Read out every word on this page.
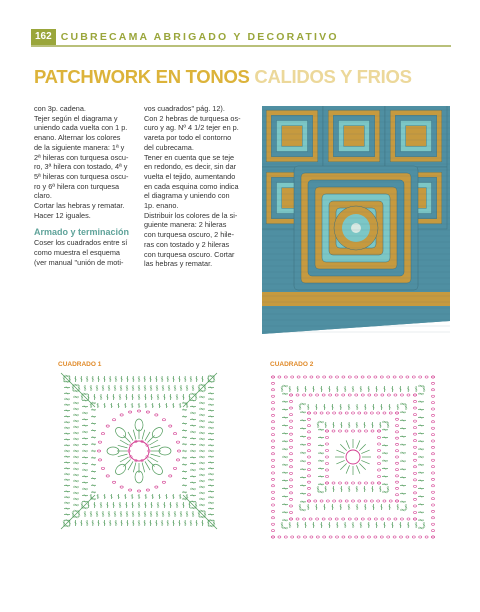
162 CUBRECAMA ABRIGADO Y DECORATIVO
PATCHWORK EN TONOS CALIDOS Y FRIOS

con 3p. cadena.

Tejer según el diagrama y

uniendo cada vuelta con 1 p.

enano. Alternar los colores

de la siguiente manera: 1ª y

2ª hileras con turquesa oscu-

ro, 3ª hilera con tostado, 4ª y

5ª hileras con turquesa oscu-

ro y 6ª hilera con turquesa

claro.

Cortar las hebras y rematar.

Hacer 12 iguales.

Armado y terminación

Coser los cuadrados entre sí

como muestra el esquema

(ver manual "unión de moti-

vos cuadrados" pág. 12).

Con 2 hebras de turquesa os-

curo y ag. Nº 4 1/2 tejer en p.

vareta por todo el contorno

del cubrecama.

Tener en cuenta que se teje

en redondo, es decir, sin dar

vuelta el tejido, aumentando

en cada esquina como indica

el diagrama y uniendo con

1p. enano.

Distribuir los colores de la si-

guiente manera: 2 hileras

con turquesa oscuro, 2 hile-

ras con tostado y 2 hileras

con turquesa oscuro. Cortar

las hebras y rematar.

CUADRADO 1	CUADRADO 2
